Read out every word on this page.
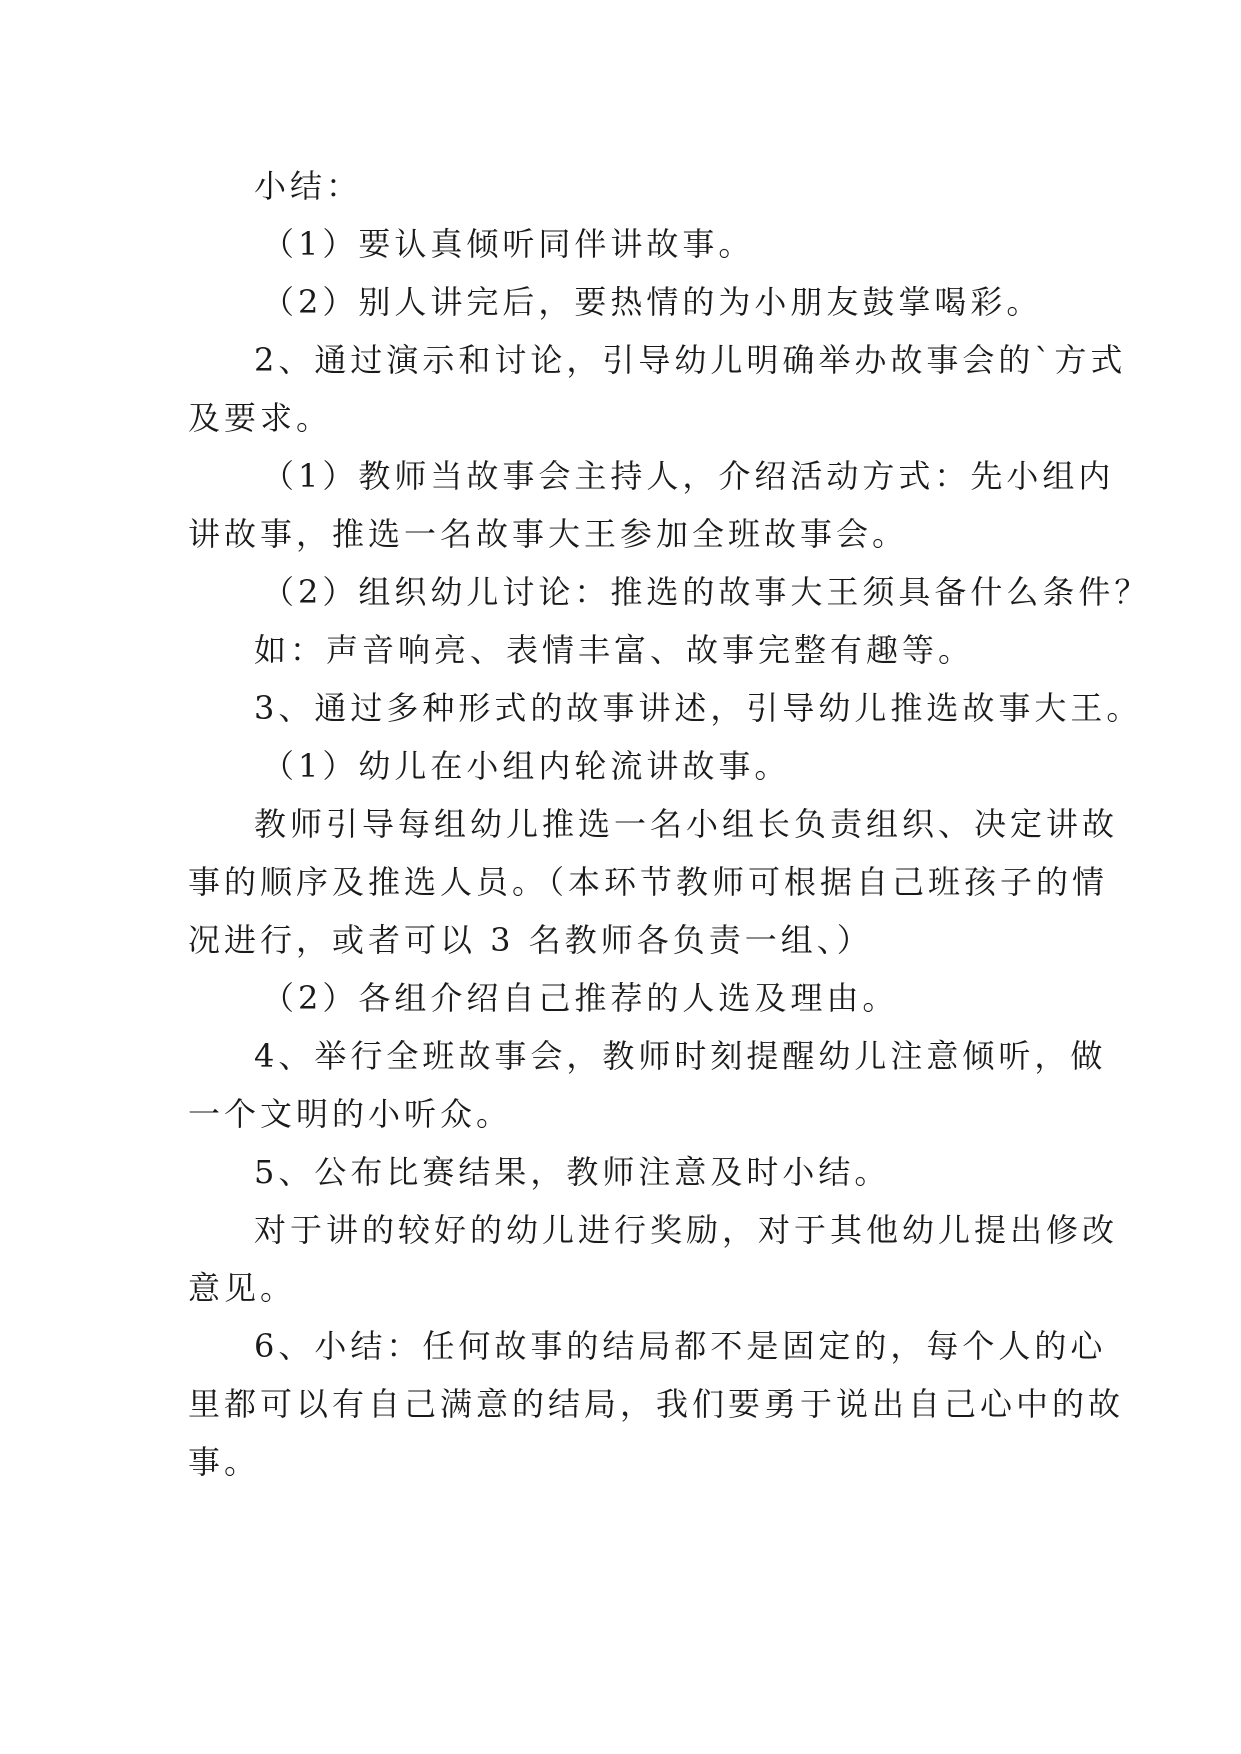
小结：
（1）要认真倾听同伴讲故事。
（2）别人讲完后，要热情的为小朋友鼓掌喝彩。
2、通过演示和讨论，引导幼儿明确举办故事会的`方式
及要求。
（1）教师当故事会主持人，介绍活动方式：先小组内
讲故事，推选一名故事大王参加全班故事会。
（2）组织幼儿讨论：推选的故事大王须具备什么条件？
如：声音响亮、表情丰富、故事完整有趣等。
3、通过多种形式的故事讲述，引导幼儿推选故事大王。
（1）幼儿在小组内轮流讲故事。
教师引导每组幼儿推选一名小组长负责组织、决定讲故
事的顺序及推选人员。（本环节教师可根据自己班孩子的情
况进行，或者可以 3 名教师各负责一组、）
（2）各组介绍自己推荐的人选及理由。
4、举行全班故事会，教师时刻提醒幼儿注意倾听，做
一个文明的小听众。
5、公布比赛结果，教师注意及时小结。
对于讲的较好的幼儿进行奖励，对于其他幼儿提出修改
意见。
6、小结：任何故事的结局都不是固定的，每个人的心
里都可以有自己满意的结局，我们要勇于说出自己心中的故
事。
